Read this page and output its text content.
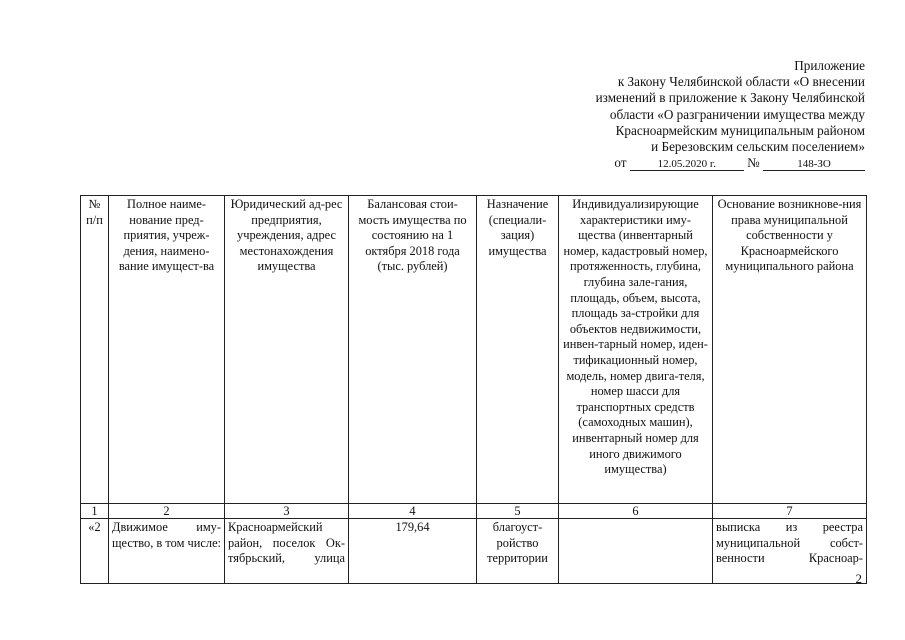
Приложение
к Закону Челябинской области «О внесении
изменений в приложение к Закону Челябинской
области «О разграничении имущества между
Красноармейским муниципальным районом
и Березовским сельским поселением»
от	12.05.2020 г. №	148-ЗО
№ п/п	Полное наиме-нование пред-приятия, учреж-дения, наимено-вание имущест-ва	Юридический ад-рес предприятия, учреждения, адрес местонахождения имущества	Балансовая стои-мость имущества по состоянию на 1 октября 2018 года (тыс. рублей)	Назначение (специали-зация) имущества	Индивидуализирующие характеристики иму-щества (инвентарный номер, кадастровый номер, протяженность, глубина, глубина зале-гания, площадь, объем, высота, площадь за-стройки для объектов недвижимости, инвен-тарный номер, иден-тификационный номер, модель, номер двига-теля, номер шасси для транспортных средств (самоходных машин), инвентарный номер для иного движимого имущества)	Основание возникнове-ния права муниципальной собственности у Красноармейского муниципального района
1	2	3	4	5	6	7
«2	Движимое иму-щество, в том числе:	Красноармейский район, поселок Ок-тябрьский, улица	179,64	благоуст-ройство территории		выписка из реестра муниципальной собст-венности Красноар-
2
